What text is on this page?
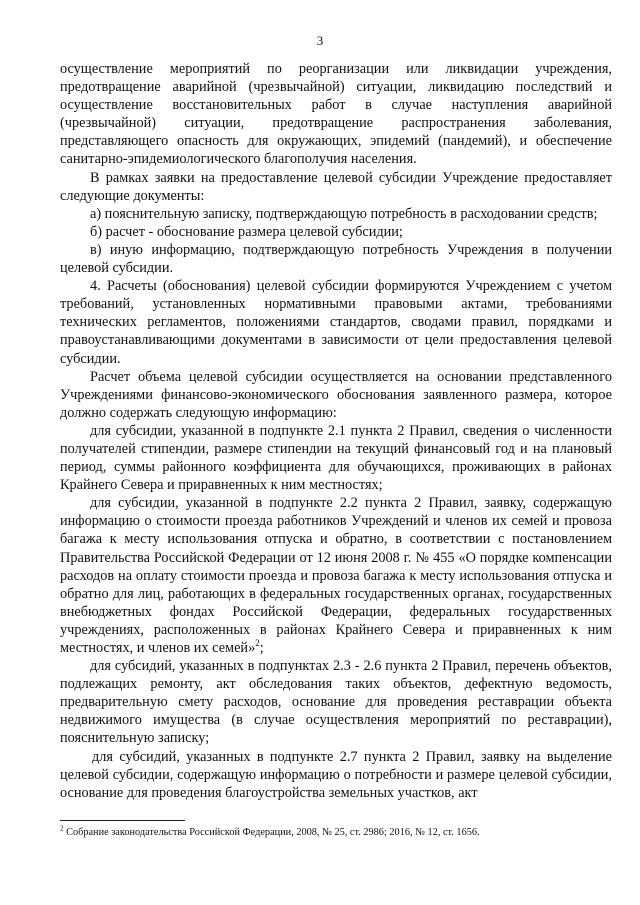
3

осуществление мероприятий по реорганизации или ликвидации учреждения, предотвращение аварийной (чрезвычайной) ситуации, ликвидацию последствий и осуществление восстановительных работ в случае наступления аварийной (чрезвычайной) ситуации, предотвращение распространения заболевания, представляющего опасность для окружающих, эпидемий (пандемий), и обеспечение санитарно-эпидемиологического благополучия населения.

В рамках заявки на предоставление целевой субсидии Учреждение предоставляет следующие документы:

а) пояснительную записку, подтверждающую потребность в расходовании средств;

б) расчет - обоснование размера целевой субсидии;

в) иную информацию, подтверждающую потребность Учреждения в получении целевой субсидии.

4. Расчеты (обоснования) целевой субсидии формируются Учреждением с учетом требований, установленных нормативными правовыми актами, требованиями технических регламентов, положениями стандартов, сводами правил, порядками и правоустанавливающими документами в зависимости от цели предоставления целевой субсидии.

Расчет объема целевой субсидии осуществляется на основании представленного Учреждениями финансово-экономического обоснования заявленного размера, которое должно содержать следующую информацию:

для субсидии, указанной в подпункте 2.1 пункта 2 Правил, сведения о численности получателей стипендии, размере стипендии на текущий финансовый год и на плановый период, суммы районного коэффициента для обучающихся, проживающих в районах Крайнего Севера и приравненных к ним местностях;

для субсидии, указанной в подпункте 2.2 пункта 2 Правил, заявку, содержащую информацию о стоимости проезда работников Учреждений и членов их семей и провоза багажа к месту использования отпуска и обратно, в соответствии с постановлением Правительства Российской Федерации от 12 июня 2008 г. № 455 «О порядке компенсации расходов на оплату стоимости проезда и провоза багажа к месту использования отпуска и обратно для лиц, работающих в федеральных государственных органах, государственных внебюджетных фондах Российской Федерации, федеральных государственных учреждениях, расположенных в районах Крайнего Севера и приравненных к ним местностях, и членов их семей»$^2$;

для субсидий, указанных в подпунктах 2.3 - 2.6 пункта 2 Правил, перечень объектов, подлежащих ремонту, акт обследования таких объектов, дефектную ведомость, предварительную смету расходов, основание для проведения реставрации объекта недвижимого имущества (в случае осуществления мероприятий по реставрации), пояснительную записку;

для субсидий, указанных в подпункте 2.7 пункта 2 Правил, заявку на выделение целевой субсидии, содержащую информацию о потребности и размере целевой субсидии, основание для проведения благоустройства земельных участков, акт

$^2$ Собрание законодательства Российской Федерации, 2008, № 25, ст. 2986; 2016, № 12, ст. 1656.
